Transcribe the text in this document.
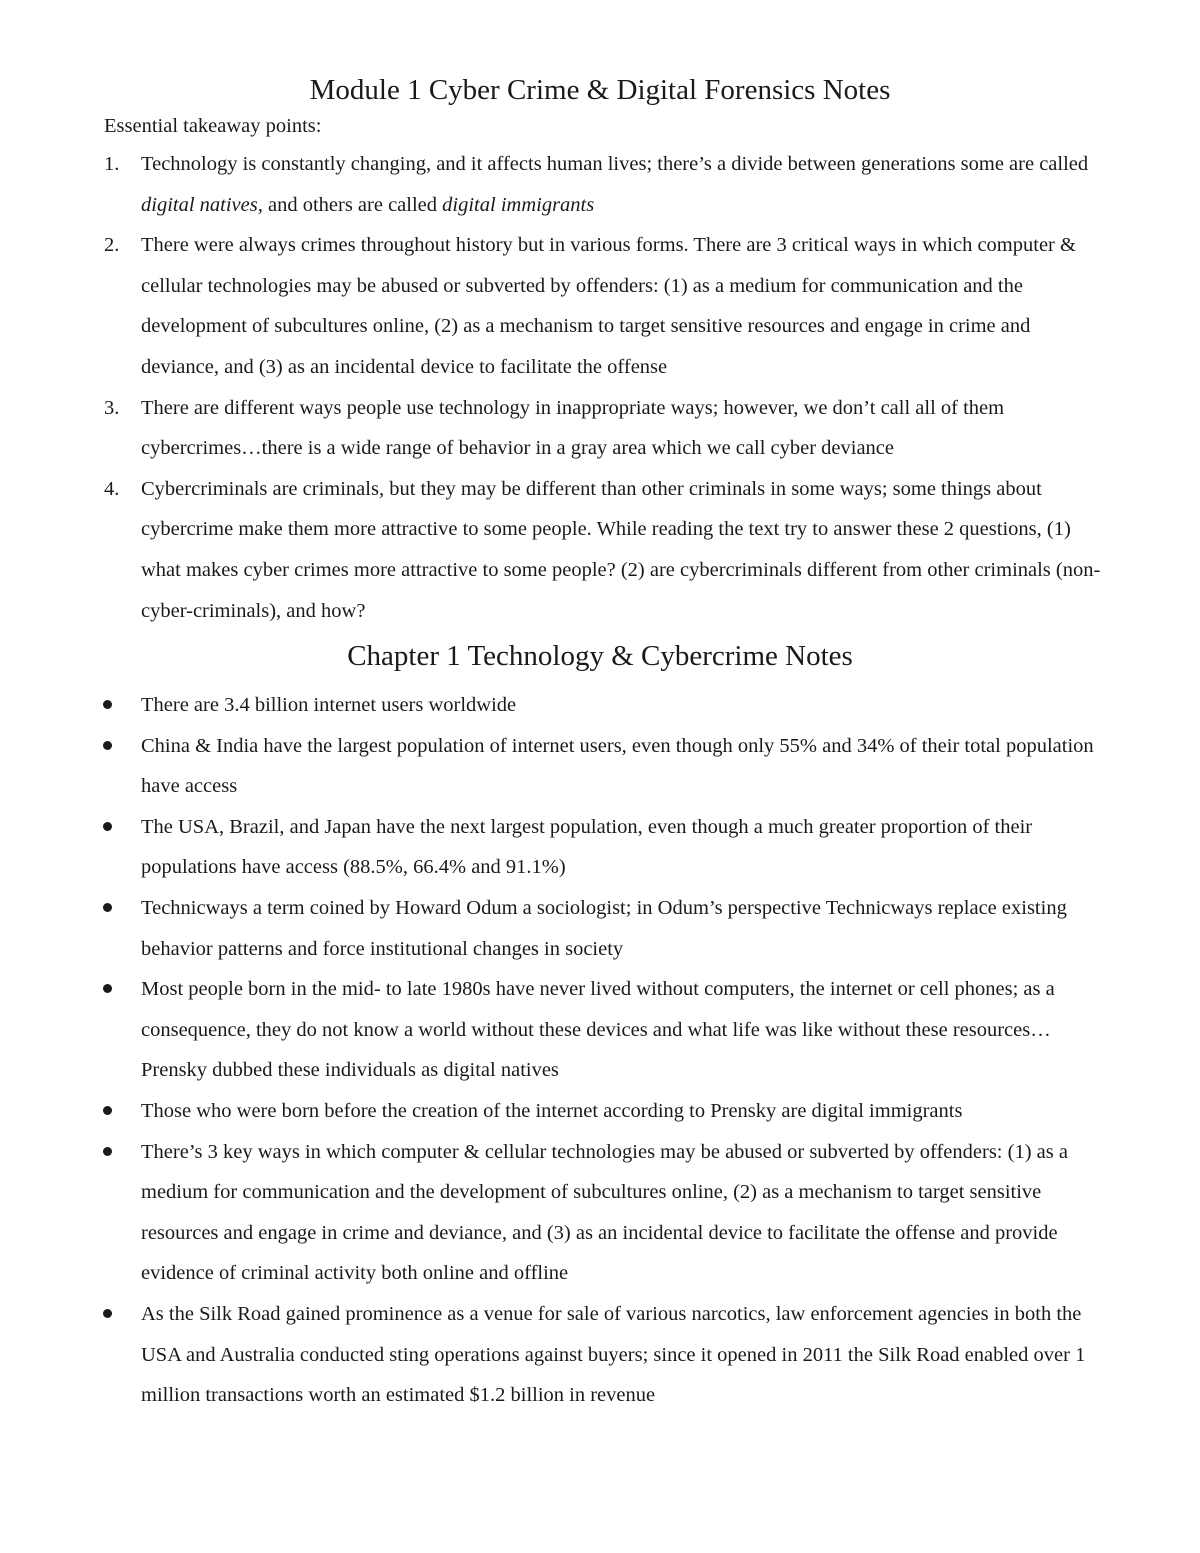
Module 1 Cyber Crime & Digital Forensics Notes

Essential takeaway points:

1.	Technology is constantly changing, and it affects human lives; there’s a divide between generations some are called digital natives, and others are called digital immigrants
2.	There were always crimes throughout history but in various forms. There are 3 critical ways in which computer & cellular technologies may be abused or subverted by offenders: (1) as a medium for communication and the development of subcultures online, (2) as a mechanism to target sensitive resources and engage in crime and deviance, and (3) as an incidental device to facilitate the offense
3.	There are different ways people use technology in inappropriate ways; however, we don’t call all of them cybercrimes…there is a wide range of behavior in a gray area which we call cyber deviance
4.	Cybercriminals are criminals, but they may be different than other criminals in some ways; some things about cybercrime make them more attractive to some people. While reading the text try to answer these 2 questions, (1) what makes cyber crimes more attractive to some people? (2) are cybercriminals different from other criminals (non-cyber-criminals), and how?
Chapter 1 Technology & Cybercrime Notes
There are 3.4 billion internet users worldwide
China & India have the largest population of internet users, even though only 55% and 34% of their total population have access
The USA, Brazil, and Japan have the next largest population, even though a much greater proportion of their populations have access (88.5%, 66.4% and 91.1%)
Technicways a term coined by Howard Odum a sociologist; in Odum’s perspective Technicways replace existing behavior patterns and force institutional changes in society
Most people born in the mid- to late 1980s have never lived without computers, the internet or cell phones; as a consequence, they do not know a world without these devices and what life was like without these resources…Prensky dubbed these individuals as digital natives
Those who were born before the creation of the internet according to Prensky are digital immigrants
There’s 3 key ways in which computer & cellular technologies may be abused or subverted by offenders: (1) as a medium for communication and the development of subcultures online, (2) as a mechanism to target sensitive resources and engage in crime and deviance, and (3) as an incidental device to facilitate the offense and provide evidence of criminal activity both online and offline
As the Silk Road gained prominence as a venue for sale of various narcotics, law enforcement agencies in both the USA and Australia conducted sting operations against buyers; since it opened in 2011 the Silk Road enabled over 1 million transactions worth an estimated $1.2 billion in revenue
